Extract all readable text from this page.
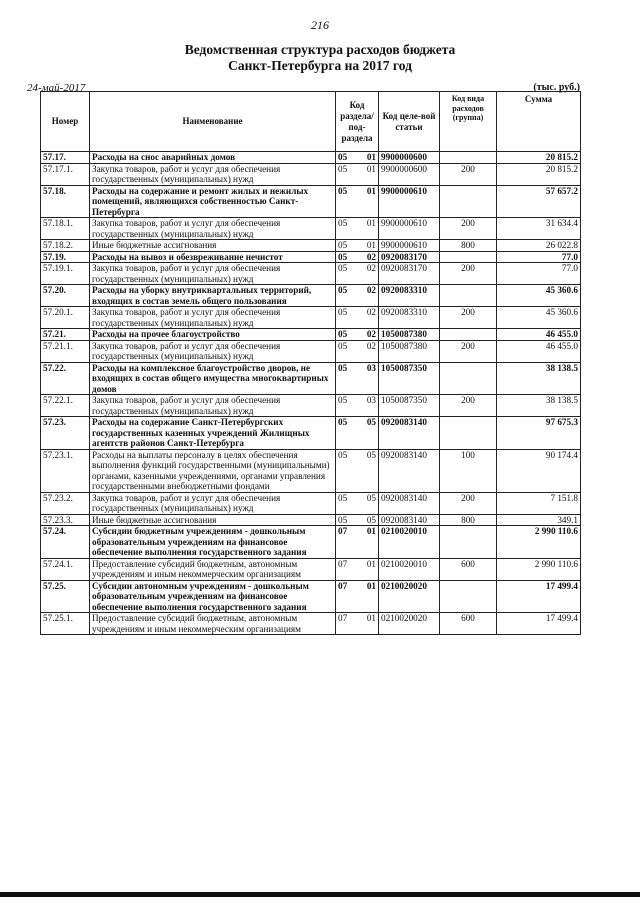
216
Ведомственная структура расходов бюджета
Санкт-Петербурга на 2017 год
24-май-2017	(тыс. руб.)
Номер	Наименование	Код раздела/ под-раздела		Код целе-вой статьи	Код вида расходов (группа)	Сумма
57.17.	Расходы на снос аварийных домов	05	01	9900000600		20 815.2
57.17.1.	Закупка товаров, работ и услуг для обеспечения государственных (муниципальных) нужд	05	01	9900000600	200	20 815.2
57.18.	Расходы на содержание и ремонт жилых и нежилых помещений, являющихся собственностью Санкт-Петербурга	05	01	9900000610		57 657.2
57.18.1.	Закупка товаров, работ и услуг для обеспечения государственных (муниципальных) нужд	05	01	9900000610	200	31 634.4
57.18.2.	Иные бюджетные ассигнования	05	01	9900000610	800	26 022.8
57.19.	Расходы на вывоз и обезвреживание нечистот	05	02	0920083170		77.0
57.19.1.	Закупка товаров, работ и услуг для обеспечения государственных (муниципальных) нужд	05	02	0920083170	200	77.0
57.20.	Расходы на уборку внутриквартальных территорий, входящих в состав земель общего пользования	05	02	0920083310		45 360.6
57.20.1.	Закупка товаров, работ и услуг для обеспечения государственных (муниципальных) нужд	05	02	0920083310	200	45 360.6
57.21.	Расходы на прочее благоустройство	05	02	1050087380		46 455.0
57.21.1.	Закупка товаров, работ и услуг для обеспечения государственных (муниципальных) нужд	05	02	1050087380	200	46 455.0
57.22.	Расходы на комплексное благоустройство дворов, не входящих в состав общего имущества многоквартирных домов	05	03	1050087350		38 138.5
57.22.1.	Закупка товаров, работ и услуг для обеспечения государственных (муниципальных) нужд	05	03	1050087350	200	38 138.5
57.23.	Расходы на содержание Санкт-Петербургских государственных казенных учреждений Жилищных агентств районов Санкт-Петербурга	05	05	0920083140		97 675.3
57.23.1.	Расходы на выплаты персоналу в целях обеспечения выполнения функций государственными (муниципальными) органами, казенными учреждениями, органами управления государственными внебюджетными фондами	05	05	0920083140	100	90 174.4
57.23.2.	Закупка товаров, работ и услуг для обеспечения государственных (муниципальных) нужд	05	05	0920083140	200	7 151.8
57.23.3.	Иные бюджетные ассигнования	05	05	0920083140	800	349.1
57.24.	Субсидии бюджетным учреждениям - дошкольным образовательным учреждениям на финансовое обеспечение выполнения государственного задания	07	01	0210020010		2 990 110.6
57.24.1.	Предоставление субсидий бюджетным, автономным учреждениям и иным некоммерческим организациям	07	01	0210020010	600	2 990 110.6
57.25.	Субсидии автономным учреждениям - дошкольным образовательным учреждениям на финансовое обеспечение выполнения государственного задания	07	01	0210020020		17 499.4
57.25.1.	Предоставление субсидий бюджетным, автономным учреждениям и иным некоммерческим организациям	07	01	0210020020	600	17 499.4
